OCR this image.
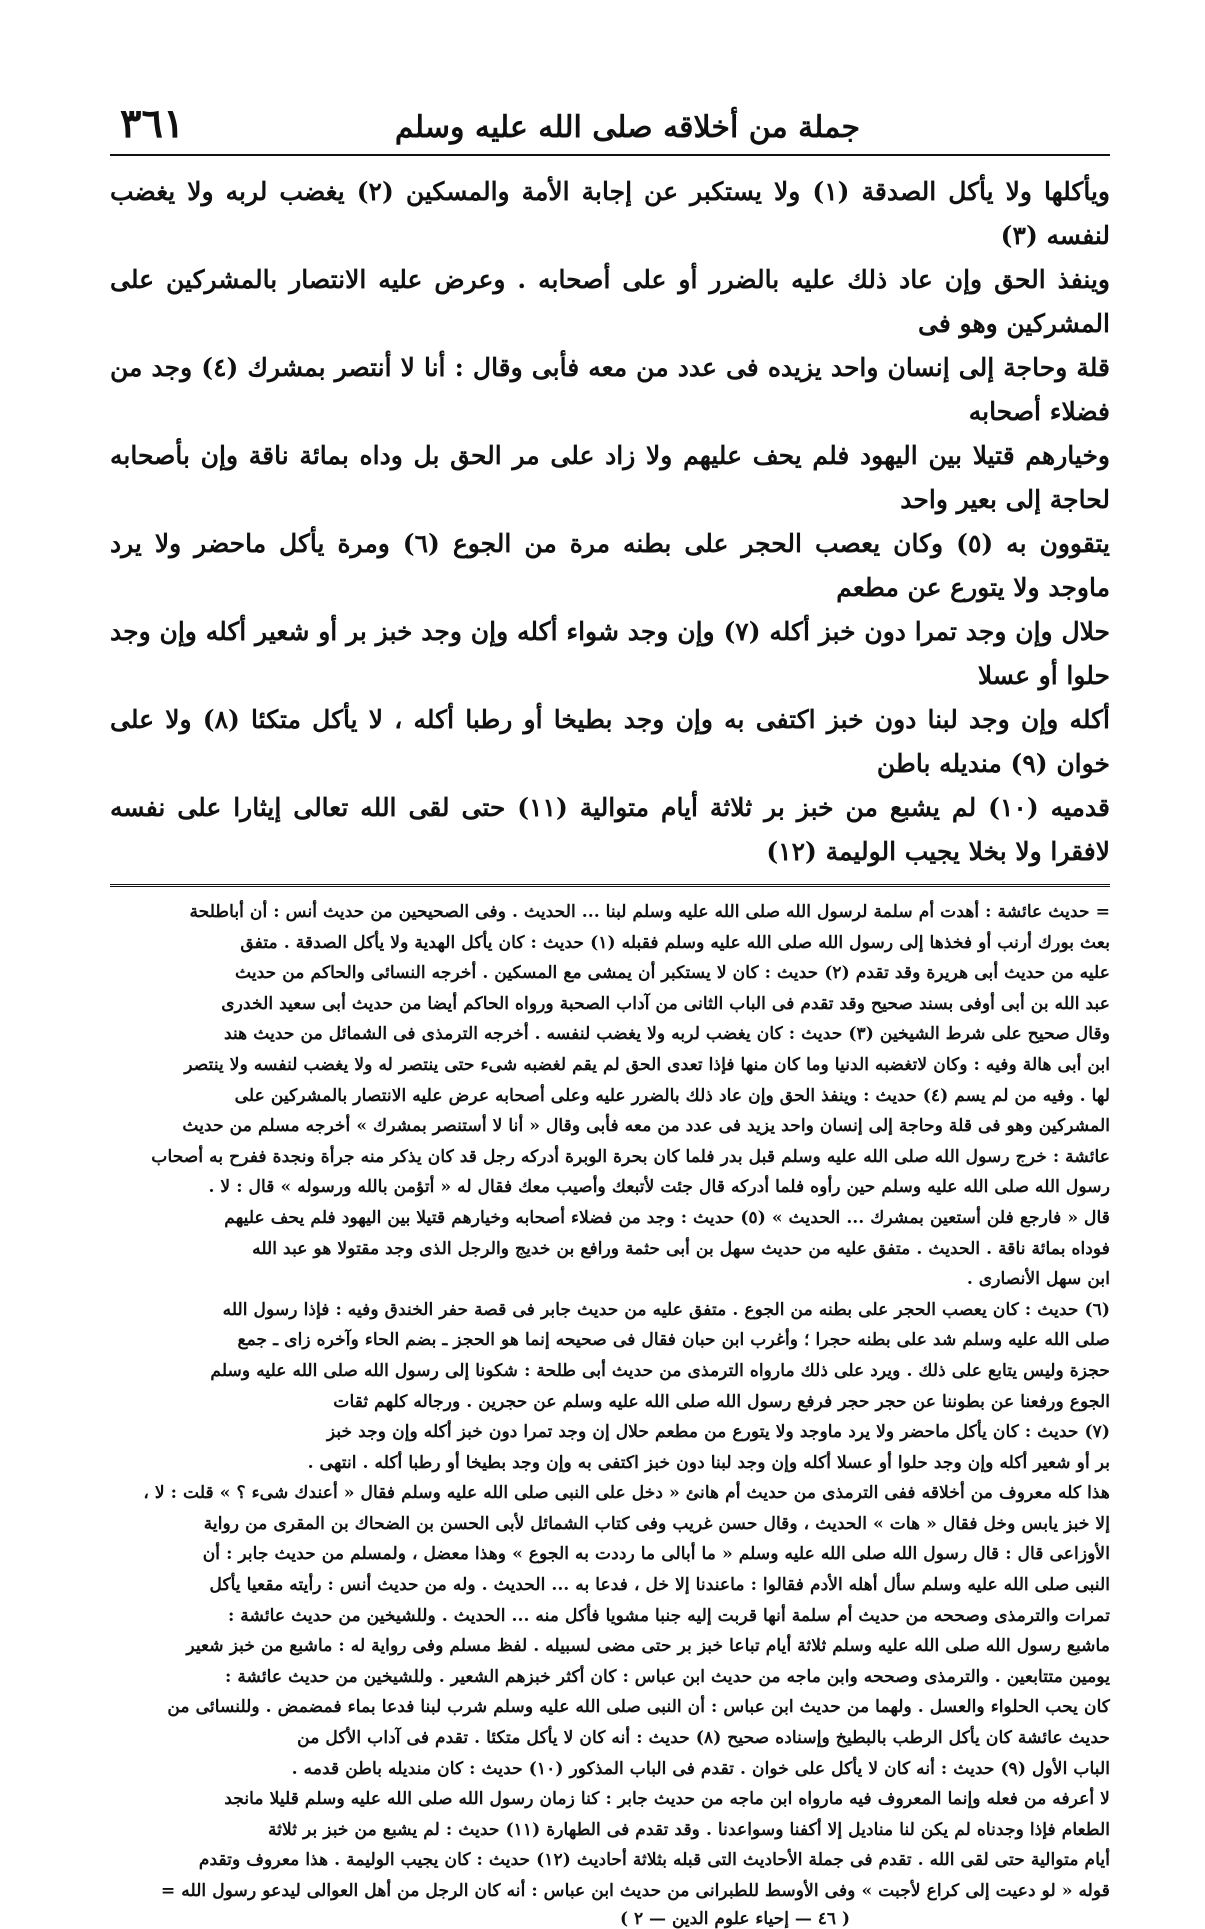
جملة من أخلاقه صلى الله عليه وسلم
٣٦١

ويأكلها ولا يأكل الصدقة (١) ولا يستكبر عن إجابة الأمة والمسكين (٢) يغضب لربه ولا يغضب لنفسه (٣)

وينفذ الحق وإن عاد ذلك عليه بالضرر أو على أصحابه . وعرض عليه الانتصار بالمشركين على المشركين وهو فى

قلة وحاجة إلى إنسان واحد يزيده فى عدد من معه فأبى وقال : أنا لا أنتصر بمشرك (٤) وجد من فضلاء أصحابه

وخيارهم قتيلا بين اليهود فلم يحف عليهم ولا زاد على مر الحق بل وداه بمائة ناقة وإن بأصحابه لحاجة إلى بعير واحد

يتقوون به (٥) وكان يعصب الحجر على بطنه مرة من الجوع (٦) ومرة يأكل ماحضر ولا يرد ماوجد ولا يتورع عن مطعم

حلال وإن وجد تمرا دون خبز أكله (٧) وإن وجد شواء أكله وإن وجد خبز بر أو شعير أكله وإن وجد حلوا أو عسلا

أكله وإن وجد لبنا دون خبز اكتفى به وإن وجد بطيخا أو رطبا أكله ، لا يأكل متكئا (٨) ولا على خوان (٩) منديله باطن

قدميه (١٠) لم يشبع من خبز بر ثلاثة أيام متوالية (١١) حتى لقى الله تعالى إيثارا على نفسه لافقرا ولا بخلا يجيب الوليمة (١٢)

= حديث عائشة : أهدت أم سلمة لرسول الله صلى الله عليه وسلم لبنا ... الحديث . وفى الصحيحين من حديث أنس : أن أباطلحة

بعث بورك أرنب أو فخذها إلى رسول الله صلى الله عليه وسلم فقبله (١) حديث : كان يأكل الهدية ولا يأكل الصدقة . متفق

عليه من حديث أبى هريرة وقد تقدم (٢) حديث : كان لا يستكبر أن يمشى مع المسكين . أخرجه النسائى والحاكم من حديث

عبد الله بن أبى أوفى بسند صحيح وقد تقدم فى الباب الثانى من آداب الصحبة ورواه الحاكم أيضا من حديث أبى سعيد الخدرى

وقال صحيح على شرط الشيخين (٣) حديث : كان يغضب لربه ولا يغضب لنفسه . أخرجه الترمذى فى الشمائل من حديث هند

ابن أبى هالة وفيه : وكان لاتغضبه الدنيا وما كان منها فإذا تعدى الحق لم يقم لغضبه شىء حتى ينتصر له ولا يغضب لنفسه ولا ينتصر

لها . وفيه من لم يسم (٤) حديث : وينفذ الحق وإن عاد ذلك بالضرر عليه وعلى أصحابه عرض عليه الانتصار بالمشركين على

المشركين وهو فى قلة وحاجة إلى إنسان واحد يزيد فى عدد من معه فأبى وقال « أنا لا أستنصر بمشرك » أخرجه مسلم من حديث

عائشة : خرج رسول الله صلى الله عليه وسلم قبل بدر فلما كان بحرة الوبرة أدركه رجل قد كان يذكر منه جرأة ونجدة ففرح به أصحاب

رسول الله صلى الله عليه وسلم حين رأوه فلما أدركه قال جئت لأتبعك وأصيب معك فقال له « أتؤمن بالله ورسوله » قال : لا .

قال « فارجع فلن أستعين بمشرك ... الحديث » (٥) حديث : وجد من فضلاء أصحابه وخيارهم قتيلا بين اليهود فلم يحف عليهم

فوداه بمائة ناقة . الحديث . متفق عليه من حديث سهل بن أبى حثمة ورافع بن خديج والرجل الذى وجد مقتولا هو عبد الله

ابن سهل الأنصارى .

(٦) حديث : كان يعصب الحجر على بطنه من الجوع . متفق عليه من حديث جابر فى قصة حفر الخندق وفيه : فإذا رسول الله

صلى الله عليه وسلم شد على بطنه حجرا ؛ وأغرب ابن حبان فقال فى صحيحه إنما هو الحجز ـ بضم الحاء وآخره زاى ـ جمع

حجزة وليس يتابع على ذلك . ويرد على ذلك مارواه الترمذى من حديث أبى طلحة : شكونا إلى رسول الله صلى الله عليه وسلم

الجوع ورفعنا عن بطوننا عن حجر حجر فرفع رسول الله صلى الله عليه وسلم عن حجرين . ورجاله كلهم ثقات

(٧) حديث : كان يأكل ماحضر ولا يرد ماوجد ولا يتورع من مطعم حلال إن وجد تمرا دون خبز أكله وإن وجد خبز

بر أو شعير أكله وإن وجد حلوا أو عسلا أكله وإن وجد لبنا دون خبز اكتفى به وإن وجد بطيخا أو رطبا أكله . انتهى .

هذا كله معروف من أخلاقه ففى الترمذى من حديث أم هانئ « دخل على النبى صلى الله عليه وسلم فقال « أعندك شىء ؟ » قلت : لا ،

إلا خبز يابس وخل فقال « هات » الحديث ، وقال حسن غريب وفى كتاب الشمائل لأبى الحسن بن الضحاك بن المقرى من رواية

الأوزاعى قال : قال رسول الله صلى الله عليه وسلم « ما أبالى ما رددت به الجوع » وهذا معضل ، ولمسلم من حديث جابر : أن

النبى صلى الله عليه وسلم سأل أهله الأدم فقالوا : ماعندنا إلا خل ، فدعا به ... الحديث . وله من حديث أنس : رأيته مقعيا يأكل

تمرات والترمذى وصححه من حديث أم سلمة أنها قربت إليه جنبا مشويا فأكل منه ... الحديث . وللشيخين من حديث عائشة :

ماشبع رسول الله صلى الله عليه وسلم ثلاثة أيام تباعا خبز بر حتى مضى لسبيله . لفظ مسلم وفى رواية له : ماشبع من خبز شعير

يومين متتابعين . والترمذى وصححه وابن ماجه من حديث ابن عباس : كان أكثر خبزهم الشعير . وللشيخين من حديث عائشة :

كان يحب الحلواء والعسل . ولهما من حديث ابن عباس : أن النبى صلى الله عليه وسلم شرب لبنا فدعا بماء فمضمض . وللنسائى من

حديث عائشة كان يأكل الرطب بالبطيخ وإسناده صحيح (٨) حديث : أنه كان لا يأكل متكئا . تقدم فى آداب الأكل من

الباب الأول (٩) حديث : أنه كان لا يأكل على خوان . تقدم فى الباب المذكور (١٠) حديث : كان منديله باطن قدمه .

لا أعرفه من فعله وإنما المعروف فيه مارواه ابن ماجه من حديث جابر : كنا زمان رسول الله صلى الله عليه وسلم قليلا مانجد

الطعام فإذا وجدناه لم يكن لنا مناديل إلا أكفنا وسواعدنا . وقد تقدم فى الطهارة (١١) حديث : لم يشبع من خبز بر ثلاثة

أيام متوالية حتى لقى الله . تقدم فى جملة الأحاديث التى قبله بثلاثة أحاديث (١٢) حديث : كان يجيب الوليمة . هذا معروف وتقدم

قوله « لو دعيت إلى كراع لأجبت » وفى الأوسط للطبرانى من حديث ابن عباس : أنه كان الرجل من أهل العوالى ليدعو رسول الله =

( ٤٦ — إحياء علوم الدين — ٢ )
